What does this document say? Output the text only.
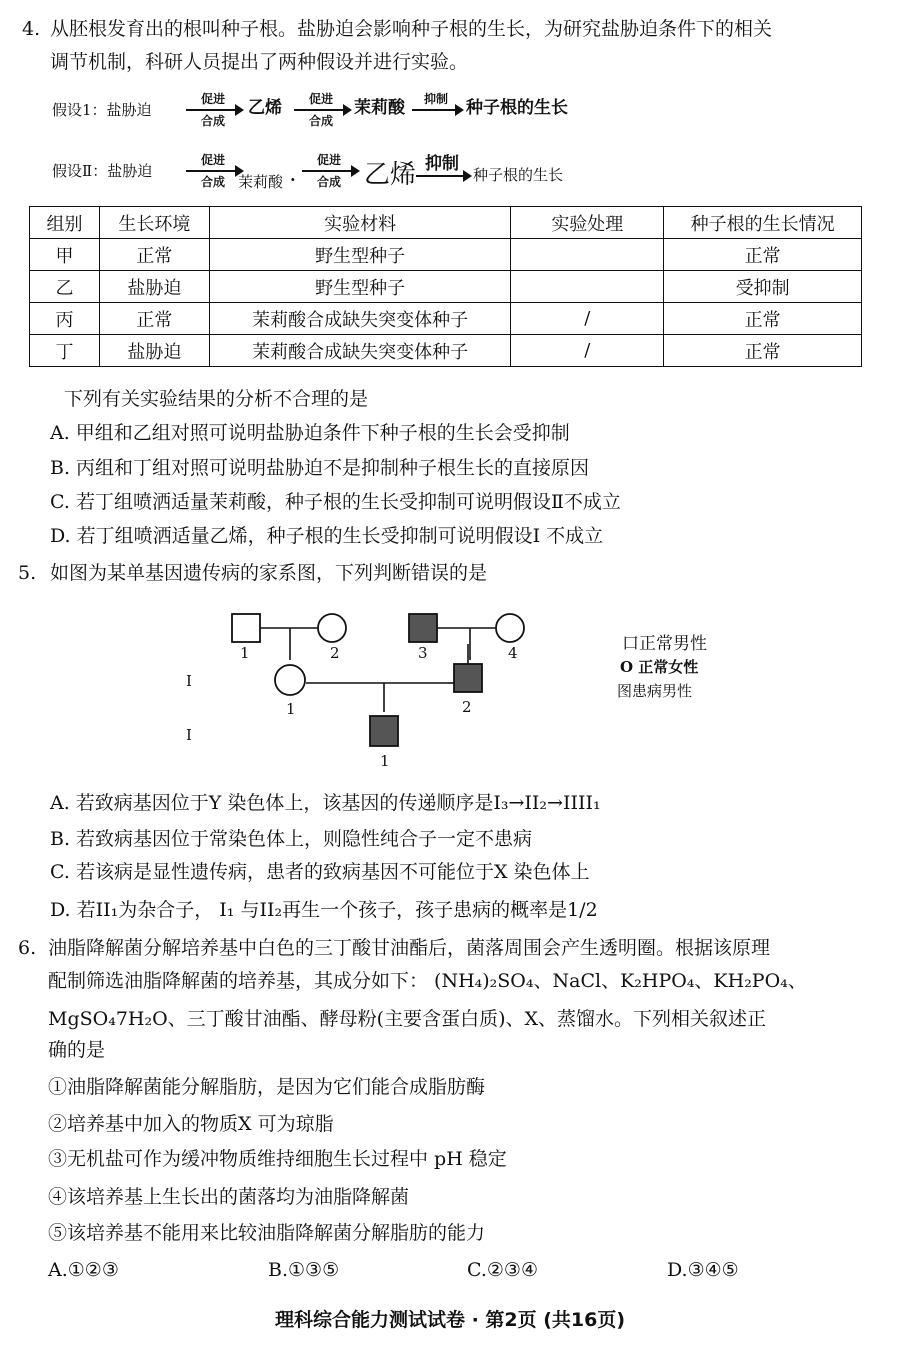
4. 从胚根发育出的根叫种子根。盐胁迫会影响种子根的生长，为研究盐胁迫条件下的相关
调节机制，科研人员提出了两种假设并进行实验。
假设1：盐胁迫
促进
合成
乙烯	促进
合成
茉莉酸	抑制	种子根的生长
假设Ⅱ：盐胁迫
促进
合成 茉莉酸 ·
促进
合成 乙烯 抑制
种子根的生长
组别	生长环境	实验材料	实验处理	种子根的生长情况
甲	正常	野生型种子		正常
乙	盐胁迫	野生型种子		受抑制
丙	正常	茉莉酸合成缺失突变体种子	/	正常
丁	盐胁迫	茉莉酸合成缺失突变体种子	/	正常
下列有关实验结果的分析不合理的是
A. 甲组和乙组对照可说明盐胁迫条件下种子根的生长会受抑制
B. 丙组和丁组对照可说明盐胁迫不是抑制种子根生长的直接原因
C. 若丁组喷洒适量茉莉酸，种子根的生长受抑制可说明假设Ⅱ不成立
D. 若丁组喷洒适量乙烯，种子根的生长受抑制可说明假设I 不成立
5. 如图为某单基因遗传病的家系图，下列判断错误的是
1	2	3	4
1	2
1
I
I
口正常男性
O 正常女性
图患病男性
A. 若致病基因位于Y 染色体上，该基因的传递顺序是I₃→II₂→IIII₁
B. 若致病基因位于常染色体上，则隐性纯合子一定不患病
C. 若该病是显性遗传病，患者的致病基因不可能位于X 染色体上
D. 若II₁为杂合子， I₁ 与II₂再生一个孩子，孩子患病的概率是1/2
6. 油脂降解菌分解培养基中白色的三丁酸甘油酯后，菌落周围会产生透明圈。根据该原理
配制筛选油脂降解菌的培养基，其成分如下： (NH₄)₂SO₄、NaCl、K₂HPO₄、KH₂PO₄、
MgSO₄7H₂O、三丁酸甘油酯、酵母粉(主要含蛋白质)、X、蒸馏水。下列相关叙述正
确的是
①油脂降解菌能分解脂肪，是因为它们能合成脂肪酶
②培养基中加入的物质X 可为琼脂
③无机盐可作为缓冲物质维持细胞生长过程中 pH 稳定
④该培养基上生长出的菌落均为油脂降解菌
⑤该培养基不能用来比较油脂降解菌分解脂肪的能力
A.①②③	B.①③⑤	C.②③④	D.③④⑤
理科综合能力测试试卷 · 第2页 (共16页)
